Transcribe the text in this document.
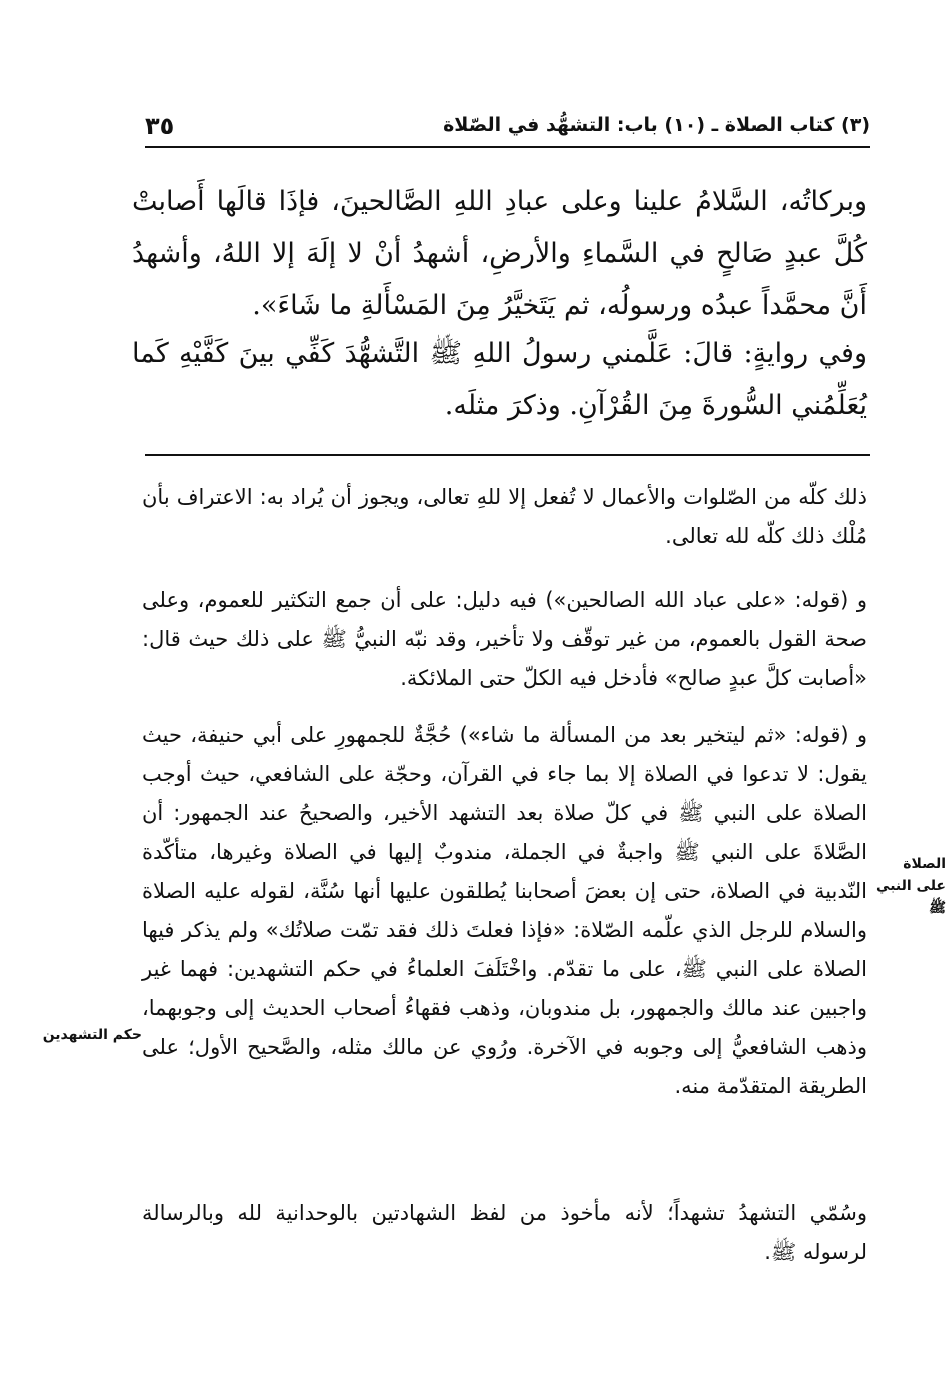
(٣) كتاب الصلاة ـ (١٠) باب: التشهُّد في الصّلاة
٣٥

وبركاتُه، السَّلامُ علينا وعلى عبادِ اللهِ الصَّالحينَ، فإذَا قالَها أَصابتْ كُلَّ عبدٍ صَالحٍ في السَّماءِ والأرضِ، أشهدُ أنْ لا إلَهَ إلا اللهُ، وأشهدُ أَنَّ محمَّداً عبدُه ورسولُه، ثم يَتَخيَّرُ مِنَ المَسْأَلةِ ما شَاءَ».

وفي روايةٍ: قالَ: عَلَّمني رسولُ اللهِ ﷺ التَّشهُّدَ كَفِّي بينَ كَفَّيْهِ كَما يُعَلِّمُني السُّورةَ مِنَ القُرْآنِ. وذكرَ مثلَه.

ذلك كلّه من الصّلوات والأعمال لا تُفعل إلا للهِ تعالى، ويجوز أن يُراد به: الاعتراف بأن مُلْك ذلك كلّه لله تعالى.

و (قوله: «على عباد الله الصالحين») فيه دليل: على أن جمع التكثير للعموم، وعلى صحة القول بالعموم، من غير توقّف ولا تأخير، وقد نبّه النبيُّ ﷺ على ذلك حيث قال: «أصابت كلَّ عبدٍ صالح» فأدخل فيه الكلّ حتى الملائكة.

و (قوله: «ثم ليتخير بعد من المسألة ما شاء») حُجَّةٌ للجمهورِ على أبي حنيفة، حيث يقول: لا تدعوا في الصلاة إلا بما جاء في القرآن، وحجّة على الشافعي، حيث أوجب الصلاة على النبي ﷺ في كلّ صلاة بعد التشهد الأخير، والصحيحُ عند الجمهور: أن الصَّلاةَ على النبي ﷺ واجبةٌ في الجملة، مندوبٌ إليها في الصلاة وغيرها، متأكّدة النّدبية في الصلاة، حتى إن بعضَ أصحابنا يُطلقون عليها أنها سُنَّة، لقوله عليه الصلاة والسلام للرجل الذي علّمه الصّلاة: «فإذا فعلتَ ذلك فقد تمّت صلاتُك» ولم يذكر فيها الصلاة على النبي ﷺ، على ما تقدّم. واخْتَلَفَ العلماءُ في حكم التشهدين: فهما غير واجبين عند مالك والجمهور، بل مندوبان، وذهب فقهاءُ أصحاب الحديث إلى وجوبهما، وذهب الشافعيُّ إلى وجوبه في الآخرة. ورُوي عن مالك مثله، والصَّحيح الأول؛ على الطريقة المتقدّمة منه.

وسُمّي التشهدُ تشهداً؛ لأنه مأخوذ من لفظ الشهادتين بالوحدانية لله وبالرسالة لرسوله ﷺ.

الصلاة على النبي ﷺ
حكم التشهدين
